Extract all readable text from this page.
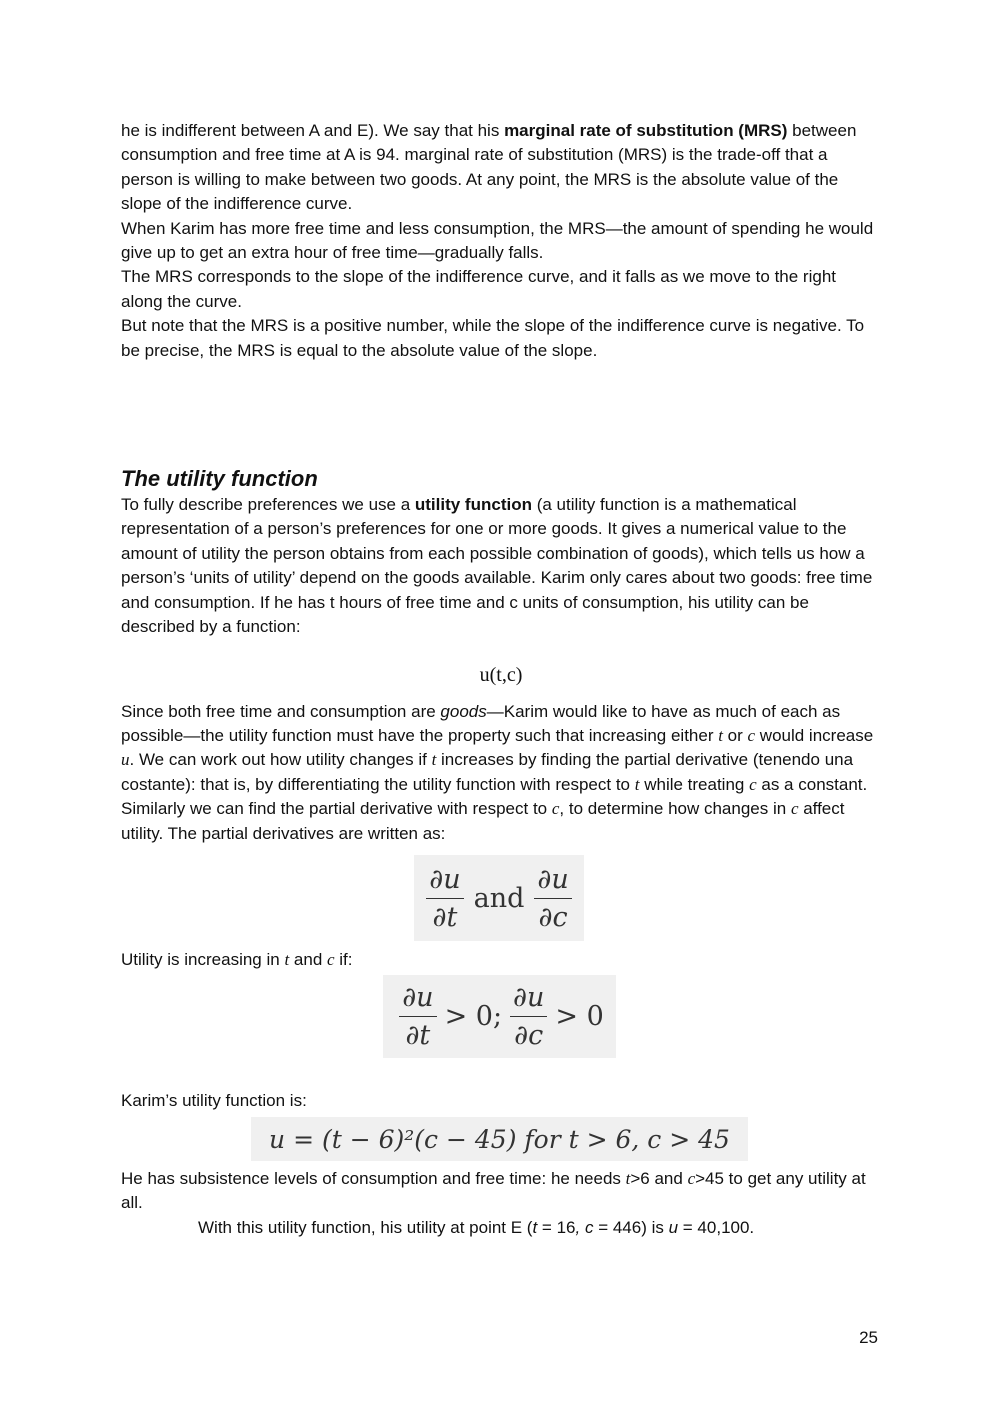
he is indifferent between A and E). We say that his marginal rate of substitution (MRS) between consumption and free time at A is 94. marginal rate of substitution (MRS) is the trade-off that a person is willing to make between two goods. At any point, the MRS is the absolute value of the slope of the indifference curve.

When Karim has more free time and less consumption, the MRS—the amount of spending he would give up to get an extra hour of free time—gradually falls.

The MRS corresponds to the slope of the indifference curve, and it falls as we move to the right along the curve.

But note that the MRS is a positive number, while the slope of the indifference curve is negative. To be precise, the MRS is equal to the absolute value of the slope.

The utility function

To fully describe preferences we use a utility function (a utility function is a mathematical representation of a person’s preferences for one or more goods. It gives a numerical value to the amount of utility the person obtains from each possible combination of goods), which tells us how a person’s ‘units of utility’ depend on the goods available. Karim only cares about two goods: free time and consumption. If he has t hours of free time and c units of consumption, his utility can be described by a function:

u(t,c)

Since both free time and consumption are goods—Karim would like to have as much of each as possible—the utility function must have the property such that increasing either t or c would increase u. We can work out how utility changes if t increases by finding the partial derivative (tenendo una costante): that is, by differentiating the utility function with respect to t while treating c as a constant. Similarly we can find the partial derivative with respect to c, to determine how changes in c affect utility. The partial derivatives are written as:

$\frac{\partial u}{\partial t}$ and $\frac{\partial u}{\partial c}$

Utility is increasing in t and c if:

$\frac{\partial u}{\partial t} > 0$; $\frac{\partial u}{\partial c} > 0$

Karim’s utility function is:

u = (t − 6)²(c − 45) for t > 6, c > 45

He has subsistence levels of consumption and free time: he needs t>6 and c>45 to get any utility at all.

With this utility function, his utility at point E (t = 16, c = 446) is u = 40,100.

25
